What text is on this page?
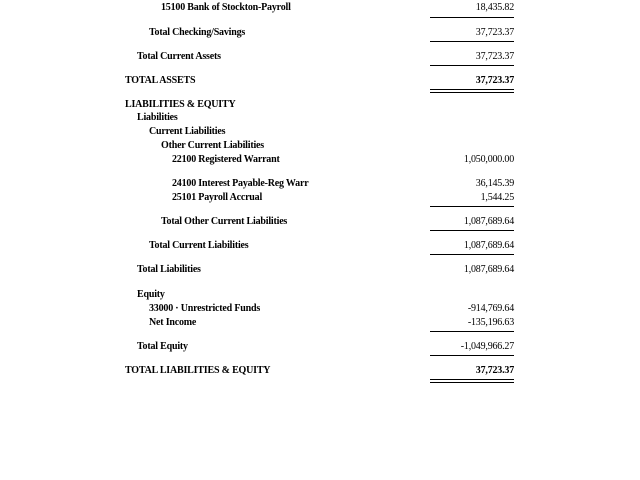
15100 Bank of Stockton-Payroll	18,435.82
Total Checking/Savings	37,723.37
Total Current Assets	37,723.37
TOTAL ASSETS	37,723.37
LIABILITIES & EQUITY
Liabilities
Current Liabilities
Other Current Liabilities
22100 Registered Warrant	1,050,000.00
24100 Interest Payable-Reg Warr	36,145.39
25101 Payroll Accrual	1,544.25
Total Other Current Liabilities	1,087,689.64
Total Current Liabilities	1,087,689.64
Total Liabilities	1,087,689.64
Equity
33000 · Unrestricted Funds	-914,769.64
Net Income	-135,196.63
Total Equity	-1,049,966.27
TOTAL LIABILITIES & EQUITY	37,723.37
